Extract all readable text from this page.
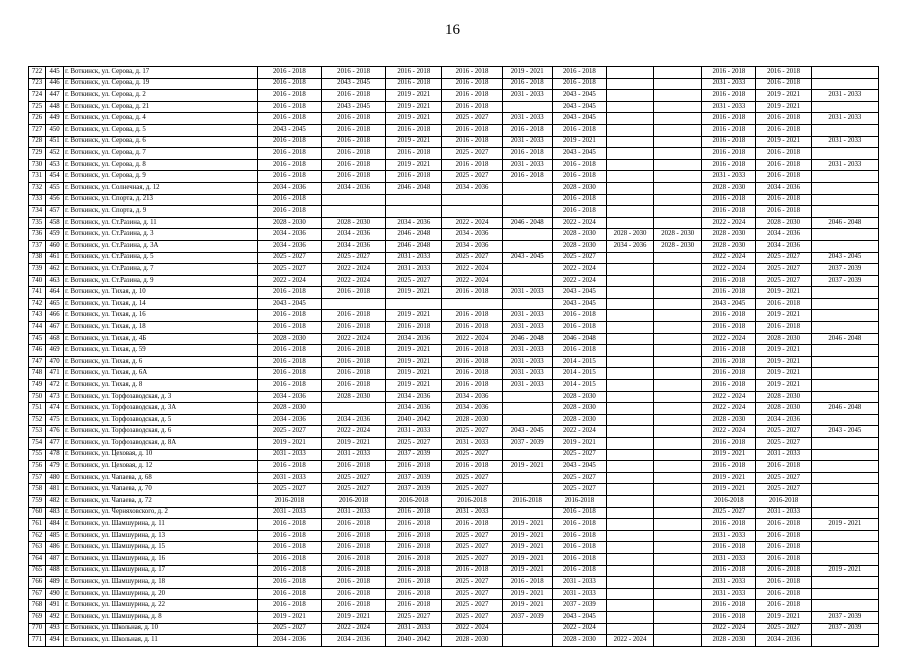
16
722	445	г. Воткинск, ул. Серова, д. 17	2016 - 2018	2016 - 2018	2016 - 2018	2016 - 2018	2019 - 2021	2016 - 2018			2016 - 2018	2016 - 2018	
723	446	г. Воткинск, ул. Серова, д. 19	2016 - 2018	2043 - 2045	2016 - 2018	2016 - 2018	2016 - 2018	2016 - 2018			2031 - 2033	2016 - 2018	
724	447	г. Воткинск, ул. Серова, д. 2	2016 - 2018	2016 - 2018	2019 - 2021	2016 - 2018	2031 - 2033	2043 - 2045			2016 - 2018	2019 - 2021	2031 - 2033
725	448	г. Воткинск, ул. Серова, д. 21	2016 - 2018	2043 - 2045	2019 - 2021	2016 - 2018		2043 - 2045			2031 - 2033	2019 - 2021	
726	449	г. Воткинск, ул. Серова, д. 4	2016 - 2018	2016 - 2018	2019 - 2021	2025 - 2027	2031 - 2033	2043 - 2045			2016 - 2018	2016 - 2018	2031 - 2033
727	450	г. Воткинск, ул. Серова, д. 5	2043 - 2045	2016 - 2018	2016 - 2018	2016 - 2018	2016 - 2018	2016 - 2018			2016 - 2018	2016 - 2018	
728	451	г. Воткинск, ул. Серова, д. 6	2016 - 2018	2016 - 2018	2019 - 2021	2016 - 2018	2031 - 2033	2019 - 2021			2016 - 2018	2019 - 2021	2031 - 2033
729	452	г. Воткинск, ул. Серова, д. 7	2016 - 2018	2016 - 2018	2016 - 2018	2025 - 2027	2016 - 2018	2043 - 2045			2016 - 2018	2016 - 2018	
730	453	г. Воткинск, ул. Серова, д. 8	2016 - 2018	2016 - 2018	2019 - 2021	2016 - 2018	2031 - 2033	2016 - 2018			2016 - 2018	2016 - 2018	2031 - 2033
731	454	г. Воткинск, ул. Серова, д. 9	2016 - 2018	2016 - 2018	2016 - 2018	2025 - 2027	2016 - 2018	2016 - 2018			2031 - 2033	2016 - 2018	
732	455	г. Воткинск, ул. Солнечная, д. 12	2034 - 2036	2034 - 2036	2046 - 2048	2034 - 2036		2028 - 2030			2028 - 2030	2034 - 2036	
733	456	г. Воткинск, ул. Спорта, д. 213	2016 - 2018					2016 - 2018			2016 - 2018	2016 - 2018	
734	457	г. Воткинск, ул. Спорта, д. 9	2016 - 2018					2016 - 2018			2016 - 2018	2016 - 2018	
735	458	г. Воткинск, ул. Ст.Разина, д. 11	2028 - 2030	2028 - 2030	2034 - 2036	2022 - 2024	2046 - 2048	2022 - 2024			2022 - 2024	2028 - 2030	2046 - 2048
736	459	г. Воткинск, ул. Ст.Разина, д. 3	2034 - 2036	2034 - 2036	2046 - 2048	2034 - 2036		2028 - 2030	2028 - 2030	2028 - 2030	2028 - 2030	2034 - 2036	
737	460	г. Воткинск, ул. Ст.Разина, д. 3А	2034 - 2036	2034 - 2036	2046 - 2048	2034 - 2036		2028 - 2030	2034 - 2036	2028 - 2030	2028 - 2030	2034 - 2036	
738	461	г. Воткинск, ул. Ст.Разина, д. 5	2025 - 2027	2025 - 2027	2031 - 2033	2025 - 2027	2043 - 2045	2025 - 2027			2022 - 2024	2025 - 2027	2043 - 2045
739	462	г. Воткинск, ул. Ст.Разина, д. 7	2025 - 2027	2022 - 2024	2031 - 2033	2022 - 2024		2022 - 2024			2022 - 2024	2025 - 2027	2037 - 2039
740	463	г. Воткинск, ул. Ст.Разина, д. 9	2022 - 2024	2022 - 2024	2025 - 2027	2022 - 2024		2022 - 2024			2016 - 2018	2025 - 2027	2037 - 2039
741	464	г. Воткинск, ул. Тихая, д. 10	2016 - 2018	2016 - 2018	2019 - 2021	2016 - 2018	2031 - 2033	2043 - 2045			2016 - 2018	2019 - 2021	
742	465	г. Воткинск, ул. Тихая, д. 14	2043 - 2045					2043 - 2045			2043 - 2045	2016 - 2018	
743	466	г. Воткинск, ул. Тихая, д. 16	2016 - 2018	2016 - 2018	2019 - 2021	2016 - 2018	2031 - 2033	2016 - 2018			2016 - 2018	2019 - 2021	
744	467	г. Воткинск, ул. Тихая, д. 18	2016 - 2018	2016 - 2018	2016 - 2018	2016 - 2018	2031 - 2033	2016 - 2018			2016 - 2018	2016 - 2018	
745	468	г. Воткинск, ул. Тихая, д. 4Б	2028 - 2030	2022 - 2024	2034 - 2036	2022 - 2024	2046 - 2048	2046 - 2048			2022 - 2024	2028 - 2030	2046 - 2048
746	469	г. Воткинск, ул. Тихая, д. 59	2016 - 2018	2016 - 2018	2019 - 2021	2016 - 2018	2031 - 2033	2016 - 2018			2016 - 2018	2019 - 2021	
747	470	г. Воткинск, ул. Тихая, д. 6	2016 - 2018	2016 - 2018	2019 - 2021	2016 - 2018	2031 - 2033	2014 - 2015			2016 - 2018	2019 - 2021	
748	471	г. Воткинск, ул. Тихая, д. 6А	2016 - 2018	2016 - 2018	2019 - 2021	2016 - 2018	2031 - 2033	2014 - 2015			2016 - 2018	2019 - 2021	
749	472	г. Воткинск, ул. Тихая, д. 8	2016 - 2018	2016 - 2018	2019 - 2021	2016 - 2018	2031 - 2033	2014 - 2015			2016 - 2018	2019 - 2021	
750	473	г. Воткинск, ул. Торфозаводская, д. 3	2034 - 2036	2028 - 2030	2034 - 2036	2034 - 2036		2028 - 2030			2022 - 2024	2028 - 2030	
751	474	г. Воткинск, ул. Торфозаводская, д. 3А	2028 - 2030		2034 - 2036	2034 - 2036		2028 - 2030			2022 - 2024	2028 - 2030	2046 - 2048
752	475	г. Воткинск, ул. Торфозаводская, д. 5	2034 - 2036	2034 - 2036	2040 - 2042	2028 - 2030		2028 - 2030			2028 - 2030	2034 - 2036	
753	476	г. Воткинск, ул. Торфозаводская, д. 6	2025 - 2027	2022 - 2024	2031 - 2033	2025 - 2027	2043 - 2045	2022 - 2024			2022 - 2024	2025 - 2027	2043 - 2045
754	477	г. Воткинск, ул. Торфозаводская, д. 8А	2019 - 2021	2019 - 2021	2025 - 2027	2031 - 2033	2037 - 2039	2019 - 2021			2016 - 2018	2025 - 2027	
755	478	г. Воткинск, ул. Цеховая, д. 10	2031 - 2033	2031 - 2033	2037 - 2039	2025 - 2027		2025 - 2027			2019 - 2021	2031 - 2033	
756	479	г. Воткинск, ул. Цеховая, д. 12	2016 - 2018	2016 - 2018	2016 - 2018	2016 - 2018	2019 - 2021	2043 - 2045			2016 - 2018	2016 - 2018	
757	480	г. Воткинск, ул. Чапаева, д. 68	2031 - 2033	2025 - 2027	2037 - 2039	2025 - 2027		2025 - 2027			2019 - 2021	2025 - 2027	
758	481	г. Воткинск, ул. Чапаева, д. 70	2025 - 2027	2025 - 2027	2037 - 2039	2025 - 2027		2025 - 2027			2019 - 2021	2025 - 2027	
759	482	г. Воткинск, ул. Чапаева, д. 72	2016-2018	2016-2018	2016-2018	2016-2018	2016-2018	2016-2018			2016-2018	2016-2018	
760	483	г. Воткинск, ул. Черняховского, д. 2	2031 - 2033	2031 - 2033	2016 - 2018	2031 - 2033		2016 - 2018			2025 - 2027	2031 - 2033	
761	484	г. Воткинск, ул. Шамшурина, д. 11	2016 - 2018	2016 - 2018	2016 - 2018	2016 - 2018	2019 - 2021	2016 - 2018			2016 - 2018	2016 - 2018	2019 - 2021
762	485	г. Воткинск, ул. Шамшурина, д. 13	2016 - 2018	2016 - 2018	2016 - 2018	2025 - 2027	2019 - 2021	2016 - 2018			2031 - 2033	2016 - 2018	
763	486	г. Воткинск, ул. Шамшурина, д. 15	2016 - 2018	2016 - 2018	2016 - 2018	2025 - 2027	2019 - 2021	2016 - 2018			2016 - 2018	2016 - 2018	
764	487	г. Воткинск, ул. Шамшурина, д. 16	2016 - 2018	2016 - 2018	2016 - 2018	2025 - 2027	2019 - 2021	2016 - 2018			2031 - 2033	2016 - 2018	
765	488	г. Воткинск, ул. Шамшурина, д. 17	2016 - 2018	2016 - 2018	2016 - 2018	2016 - 2018	2019 - 2021	2016 - 2018			2016 - 2018	2016 - 2018	2019 - 2021
766	489	г. Воткинск, ул. Шамшурина, д. 18	2016 - 2018	2016 - 2018	2016 - 2018	2025 - 2027	2016 - 2018	2031 - 2033			2031 - 2033	2016 - 2018	
767	490	г. Воткинск, ул. Шамшурина, д. 20	2016 - 2018	2016 - 2018	2016 - 2018	2025 - 2027	2019 - 2021	2031 - 2033			2031 - 2033	2016 - 2018	
768	491	г. Воткинск, ул. Шамшурина, д. 22	2016 - 2018	2016 - 2018	2016 - 2018	2025 - 2027	2019 - 2021	2037 - 2039			2016 - 2018	2016 - 2018	
769	492	г. Воткинск, ул. Шамшурина, д. 8	2019 - 2021	2019 - 2021	2025 - 2027	2025 - 2027	2037 - 2039	2043 - 2045			2016 - 2018	2019 - 2021	2037 - 2039
770	493	г. Воткинск, ул. Школьная, д. 10	2025 - 2027	2022 - 2024	2031 - 2033	2022 - 2024		2022 - 2024			2022 - 2024	2025 - 2027	2037 - 2039
771	494	г. Воткинск, ул. Школьная, д. 11	2034 - 2036	2034 - 2036	2040 - 2042	2028 - 2030		2028 - 2030	2022 - 2024		2028 - 2030	2034 - 2036	
